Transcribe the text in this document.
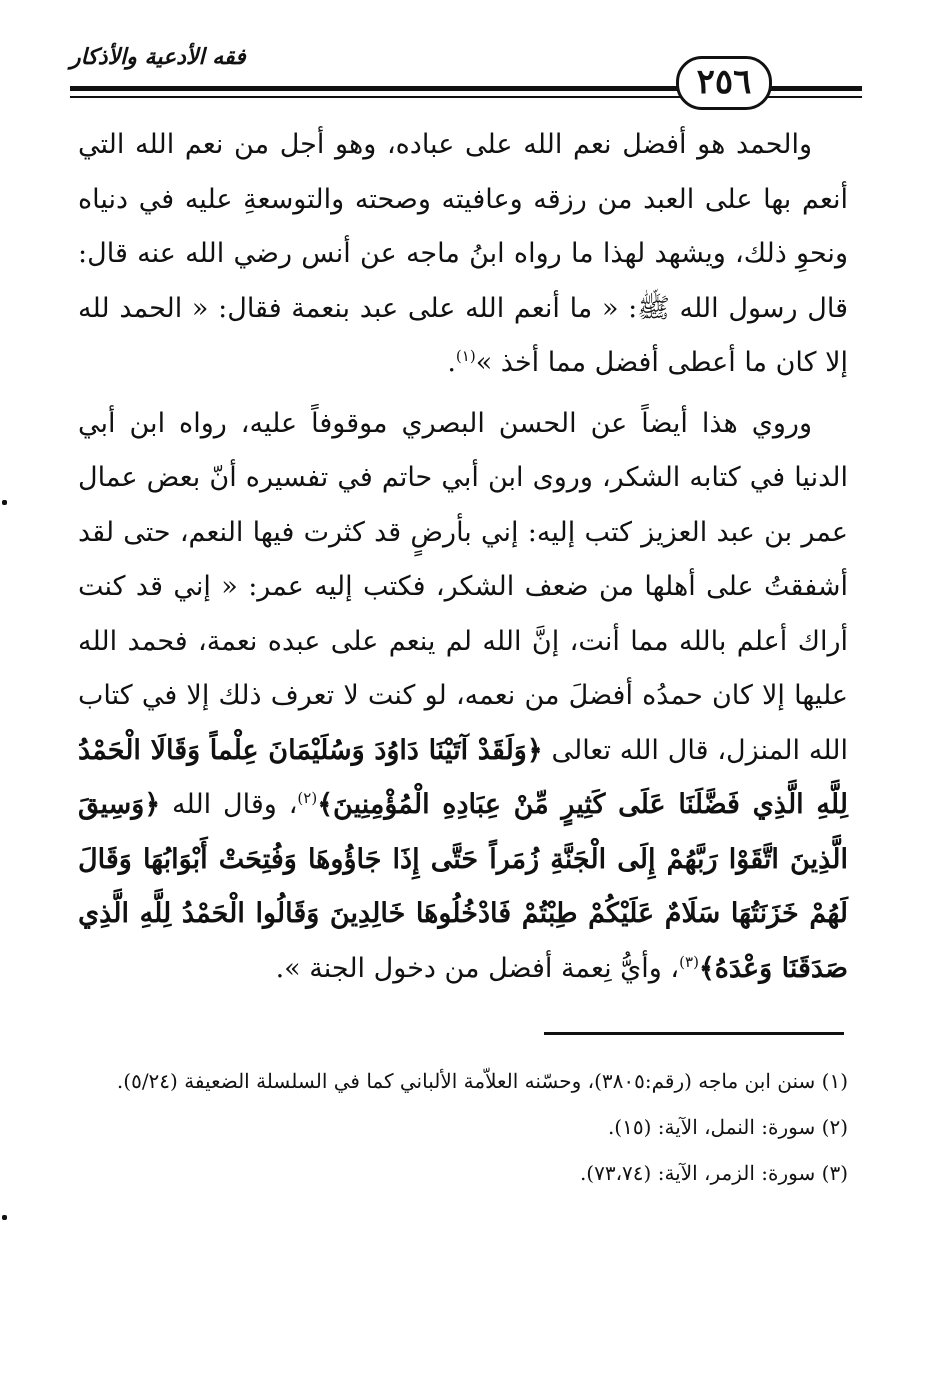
فقه الأدعية والأذكار
٢٥٦

والحمد هو أفضل نعم الله على عباده، وهو أجل من نعم الله التي أنعم بها على العبد من رزقه وعافيته وصحته والتوسعةِ عليه في دنياه ونحوِ ذلك، ويشهد لهذا ما رواه ابنُ ماجه عن أنس رضي الله عنه قال: قال رسول الله ﷺ: « ما أنعم الله على عبد بنعمة فقال: « الحمد لله إلا كان ما أعطى أفضل مما أخذ »$^{(١)}$.

وروي هذا أيضاً عن الحسن البصري موقوفاً عليه، رواه ابن أبي الدنيا في كتابه الشكر، وروى ابن أبي حاتم في تفسيره أنّ بعض عمال عمر بن عبد العزيز كتب إليه: إني بأرضٍ قد كثرت فيها النعم، حتى لقد أشفقتُ على أهلها من ضعف الشكر، فكتب إليه عمر: « إني قد كنت أراك أعلم بالله مما أنت، إنَّ الله لم ينعم على عبده نعمة، فحمد الله عليها إلا كان حمدُه أفضلَ من نعمه، لو كنت لا تعرف ذلك إلا في كتاب الله المنزل، قال الله تعالى ﴿وَلَقَدْ آتَيْنَا دَاوُدَ وَسُلَيْمَانَ عِلْماً وَقَالَا الْحَمْدُ لِلَّهِ الَّذِي فَضَّلَنَا عَلَى كَثِيرٍ مِّنْ عِبَادِهِ الْمُؤْمِنِينَ﴾$^{(٢)}$، وقال الله ﴿وَسِيقَ الَّذِينَ اتَّقَوْا رَبَّهُمْ إِلَى الْجَنَّةِ زُمَراً حَتَّى إِذَا جَاؤُوهَا وَفُتِحَتْ أَبْوَابُهَا وَقَالَ لَهُمْ خَزَنَتُهَا سَلَامٌ عَلَيْكُمْ طِبْتُمْ فَادْخُلُوهَا خَالِدِينَ وَقَالُوا الْحَمْدُ لِلَّهِ الَّذِي صَدَقَنَا وَعْدَهُ﴾$^{(٣)}$، وأيُّ نِعمة أفضل من دخول الجنة ».

(١) سنن ابن ماجه (رقم:٣٨٠٥)، وحسّنه العلاّمة الألباني كما في السلسلة الضعيفة (٥/٢٤).

(٢) سورة: النمل، الآية: (١٥).

(٣) سورة: الزمر، الآية: (٧٣،٧٤).
